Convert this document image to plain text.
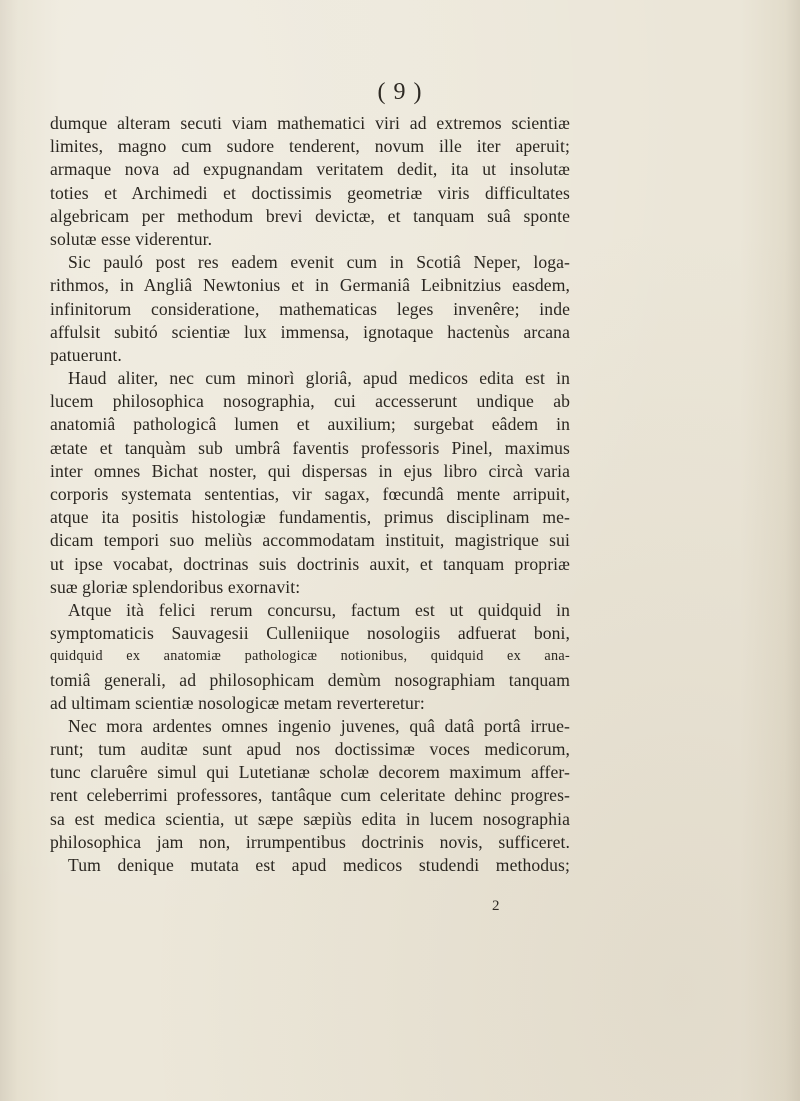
( 9 )
dumque alteram secuti viam mathematici viri ad extremos scientiæ
limites, magno cum sudore tenderent, novum ille iter aperuit;
armaque nova ad expugnandam veritatem dedit, ita ut insolutæ
toties et Archimedi et doctissimis geometriæ viris difficultates
algebricam per methodum brevi devictæ, et tanquam suâ sponte
solutæ esse viderentur.
Sic pauló post res eadem evenit cum in Scotiâ Neper, loga-
rithmos, in Angliâ Newtonius et in Germaniâ Leibnitzius easdem,
infinitorum consideratione, mathematicas leges invenêre; inde
affulsit subitó scientiæ lux immensa, ignotaque hactenùs arcana
patuerunt.
Haud aliter, nec cum minorì gloriâ, apud medicos edita est in
lucem philosophica nosographia, cui accesserunt undique ab
anatomiâ pathologicâ lumen et auxilium; surgebat eâdem in
ætate et tanquàm sub umbrâ faventis professoris Pinel, maximus
inter omnes Bichat noster, qui dispersas in ejus libro circà varia
corporis systemata sententias, vir sagax, fœcundâ mente arripuit,
atque ita positis histologiæ fundamentis, primus disciplinam me-
dicam tempori suo meliùs accommodatam instituit, magistrique sui
ut ipse vocabat, doctrinas suis doctrinis auxit, et tanquam propriæ
suæ gloriæ splendoribus exornavit:
Atque ità felici rerum concursu, factum est ut quidquid in
symptomaticis Sauvagesii Culleniique nosologiis adfuerat boni,
quidquid ex anatomiæ pathologicæ notionibus, quidquid ex ana-
tomiâ generali, ad philosophicam demùm nosographiam tanquam
ad ultimam scientiæ nosologicæ metam reverteretur:
Nec mora ardentes omnes ingenio juvenes, quâ datâ portâ irrue-
runt; tum auditæ sunt apud nos doctissimæ voces medicorum,
tunc claruêre simul qui Lutetianæ scholæ decorem maximum affer-
rent celeberrimi professores, tantâque cum celeritate dehinc progres-
sa est medica scientia, ut sæpe sæpiùs edita in lucem nosographia
philosophica jam non, irrumpentibus doctrinis novis, sufficeret.
Tum denique mutata est apud medicos studendi methodus;
2
